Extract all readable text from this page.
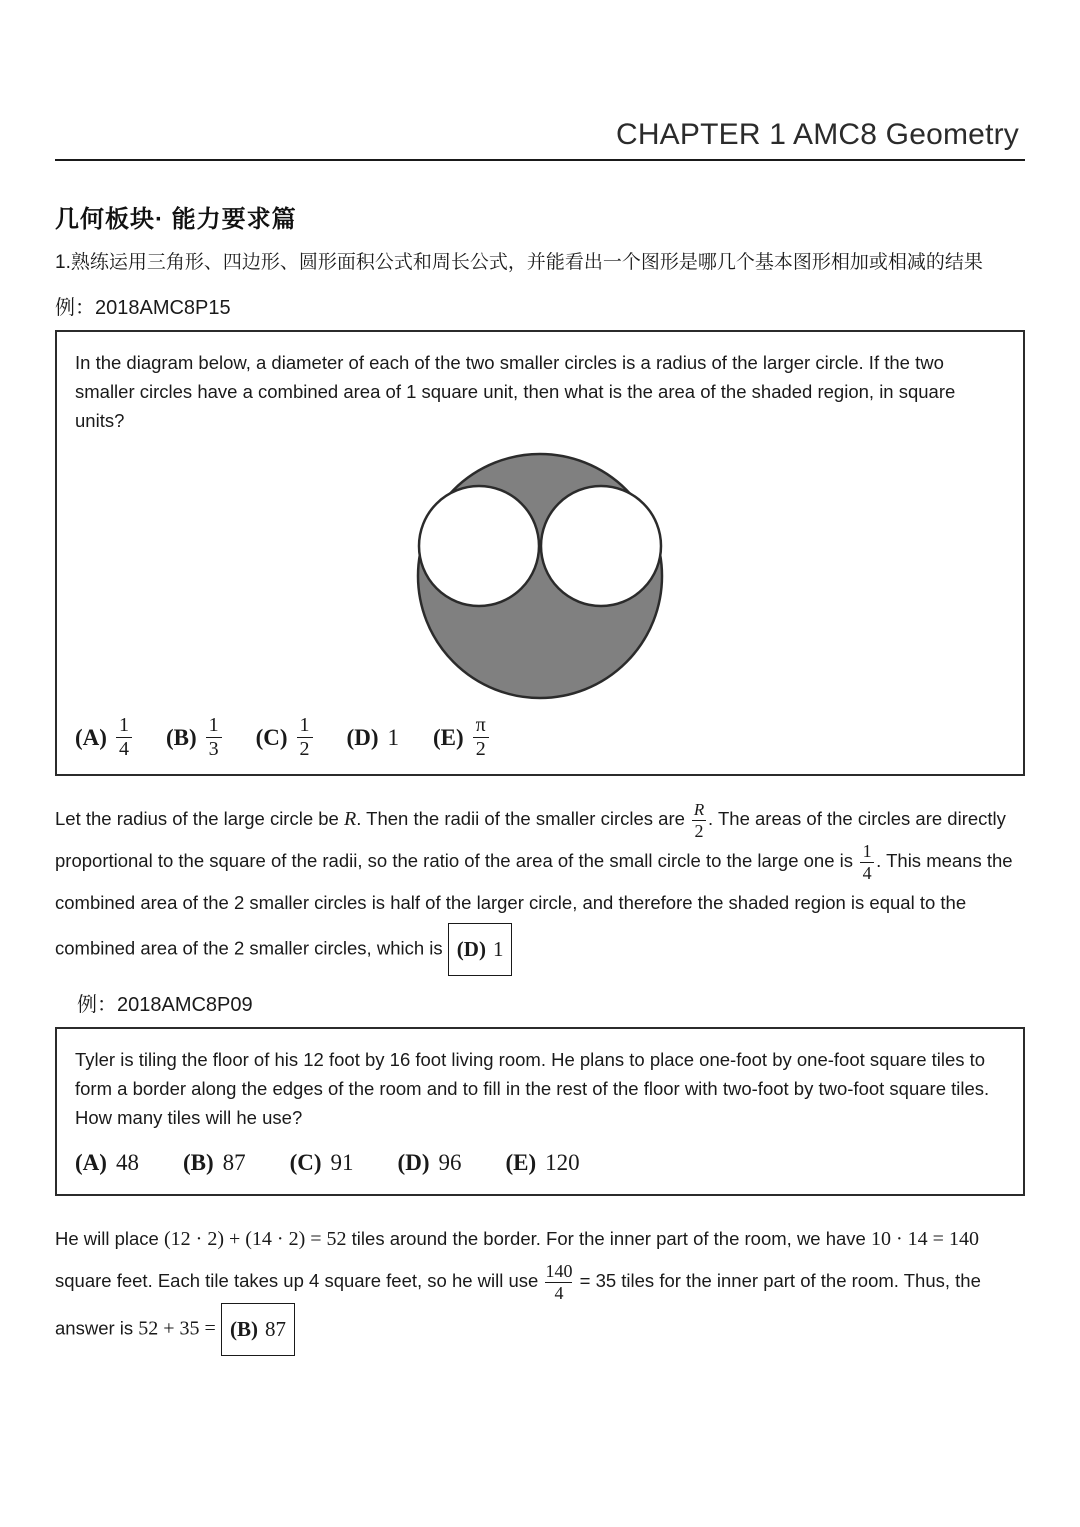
CHAPTER 1 AMC8 Geometry
几何板块· 能力要求篇
1.熟练运用三角形、四边形、圆形面积公式和周长公式，并能看出一个图形是哪几个基本图形相加或相减的结果
例：2018AMC8P15
In the diagram below, a diameter of each of the two smaller circles is a radius of the larger circle. If the two smaller circles have a combined area of 1 square unit, then what is the area of the shaded region, in square units?
$(A) \frac{1}{4} (B) \frac{1}{3} (C) \frac{1}{2} (D)$ 1 $(E) \frac{\pi}{2}$
Let the radius of the large circle be R. Then the radii of the smaller circles are $\frac{R}{2}$ . The areas of the circles are directly proportional to the square of the radii, so the ratio of the area of the small circle to the large one is $\frac{1}{4}$ . This means the combined area of the 2 smaller circles is half of the larger circle, and therefore the shaded region is equal to the combined area of the 2 smaller circles, which is (D) 1
例：2018AMC8P09
Tyler is tiling the floor of his 12 foot by 16 foot living room. He plans to place one-foot by one-foot square tiles to form a border along the edges of the room and to fill in the rest of the floor with two-foot by two-foot square tiles. How many tiles will he use?
(A) 48 (B) 87 (C) 91 (D) 96 (E) 120
He will place (12 · 2) + (14 · 2) = 52 tiles around the border. For the inner part of the room, we have 10 · 14 = 140 square feet. Each tile takes up 4 square feet, so he will use $\frac{140}{4} = 35$ tiles for the inner part of the room. Thus, the answer is 52 + 35 = (B) 87
